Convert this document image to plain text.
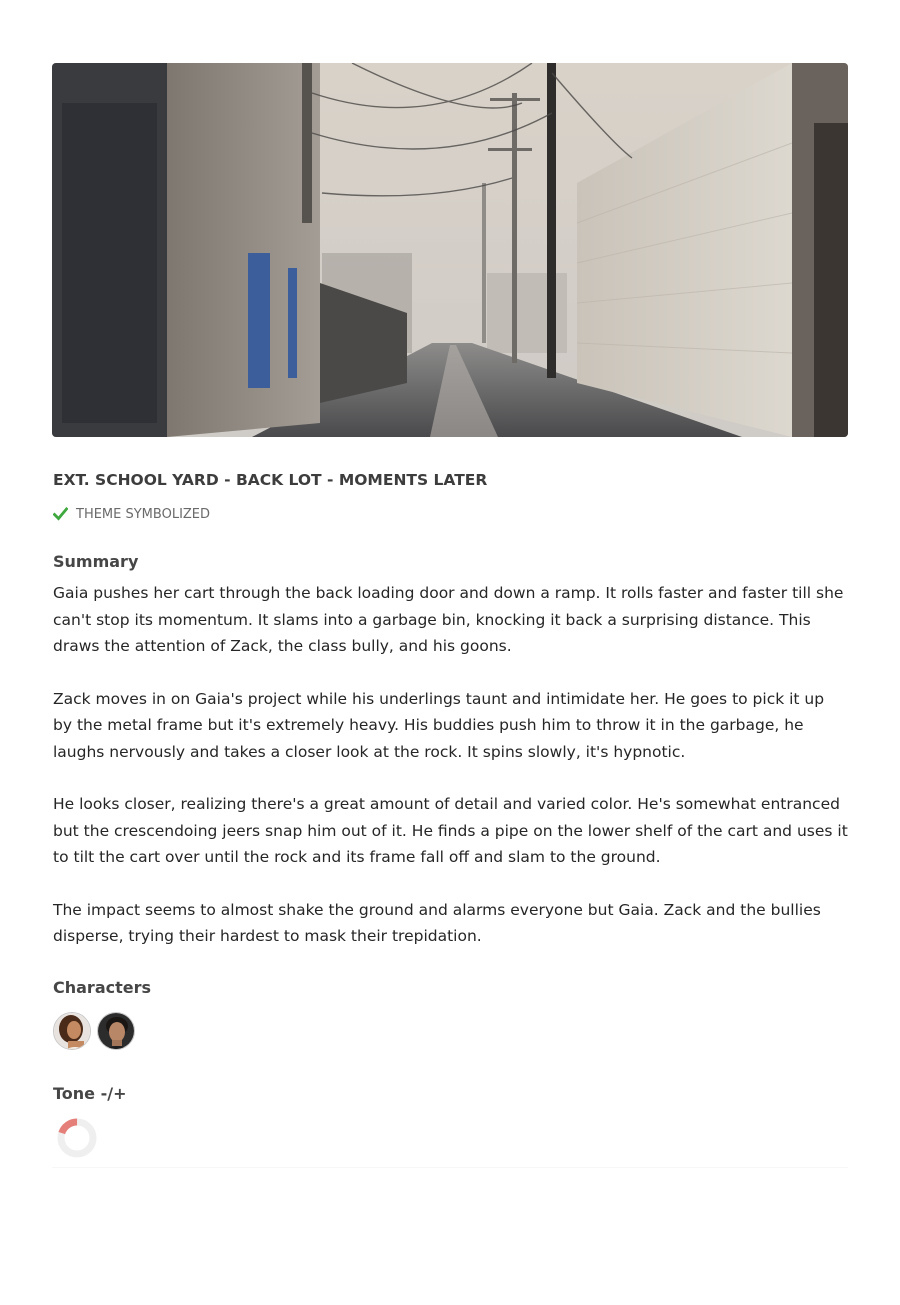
EXT. SCHOOL YARD - BACK LOT - MOMENTS LATER
THEME SYMBOLIZED
Summary

Gaia pushes her cart through the back loading door and down a ramp. It rolls faster and faster till she can't stop its momentum. It slams into a garbage bin, knocking it back a surprising distance. This draws the attention of Zack, the class bully, and his goons.

Zack moves in on Gaia's project while his underlings taunt and intimidate her. He goes to pick it up by the metal frame but it's extremely heavy. His buddies push him to throw it in the garbage, he laughs nervously and takes a closer look at the rock. It spins slowly, it's hypnotic.

He looks closer, realizing there's a great amount of detail and varied color. He's somewhat entranced but the crescendoing jeers snap him out of it. He finds a pipe on the lower shelf of the cart and uses it to tilt the cart over until the rock and its frame fall off and slam to the ground.

The impact seems to almost shake the ground and alarms everyone but Gaia. Zack and the bullies disperse, trying their hardest to mask their trepidation.

Characters
Tone -/+
